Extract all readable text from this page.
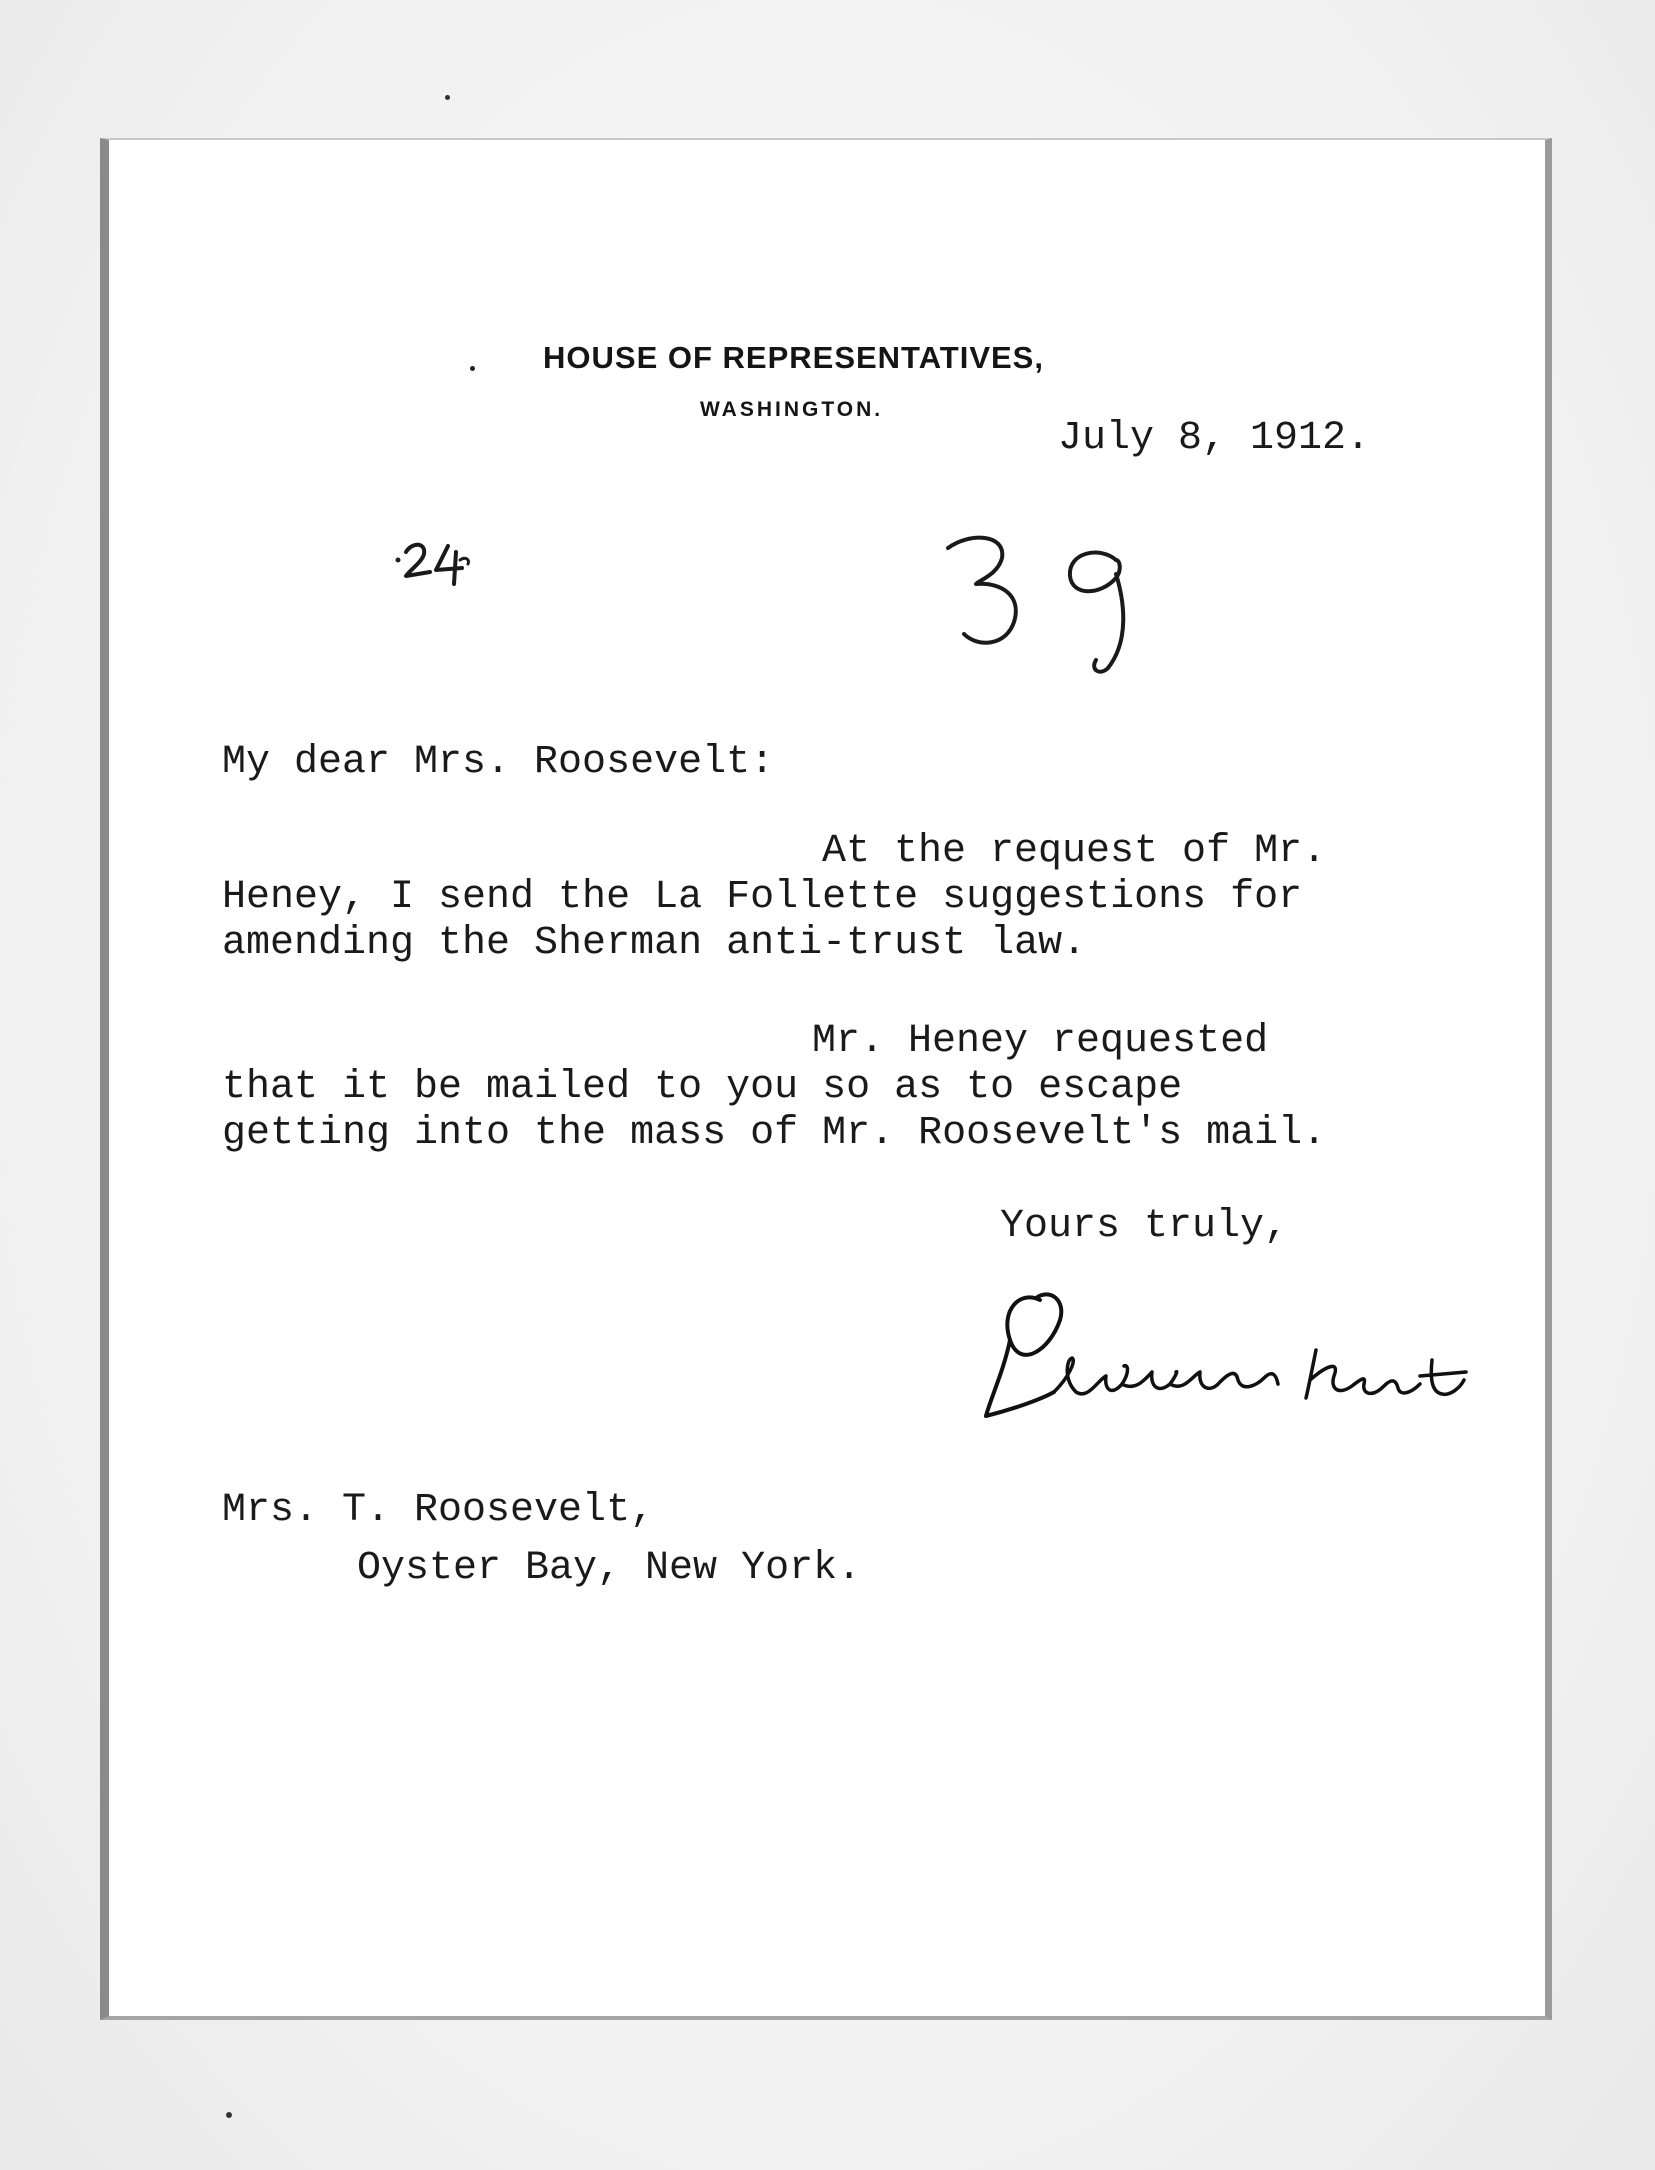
HOUSE OF REPRESENTATIVES,
WASHINGTON.
July 8, 1912.
My dear Mrs. Roosevelt:

At the request of Mr.
Heney, I send the La Follette suggestions for
amending the Sherman anti-trust law.

Mr. Heney requested
that it be mailed to you so as to escape
getting into the mass of Mr. Roosevelt's mail.

Yours truly,
Mrs. T. Roosevelt,
Oyster Bay, New York.
